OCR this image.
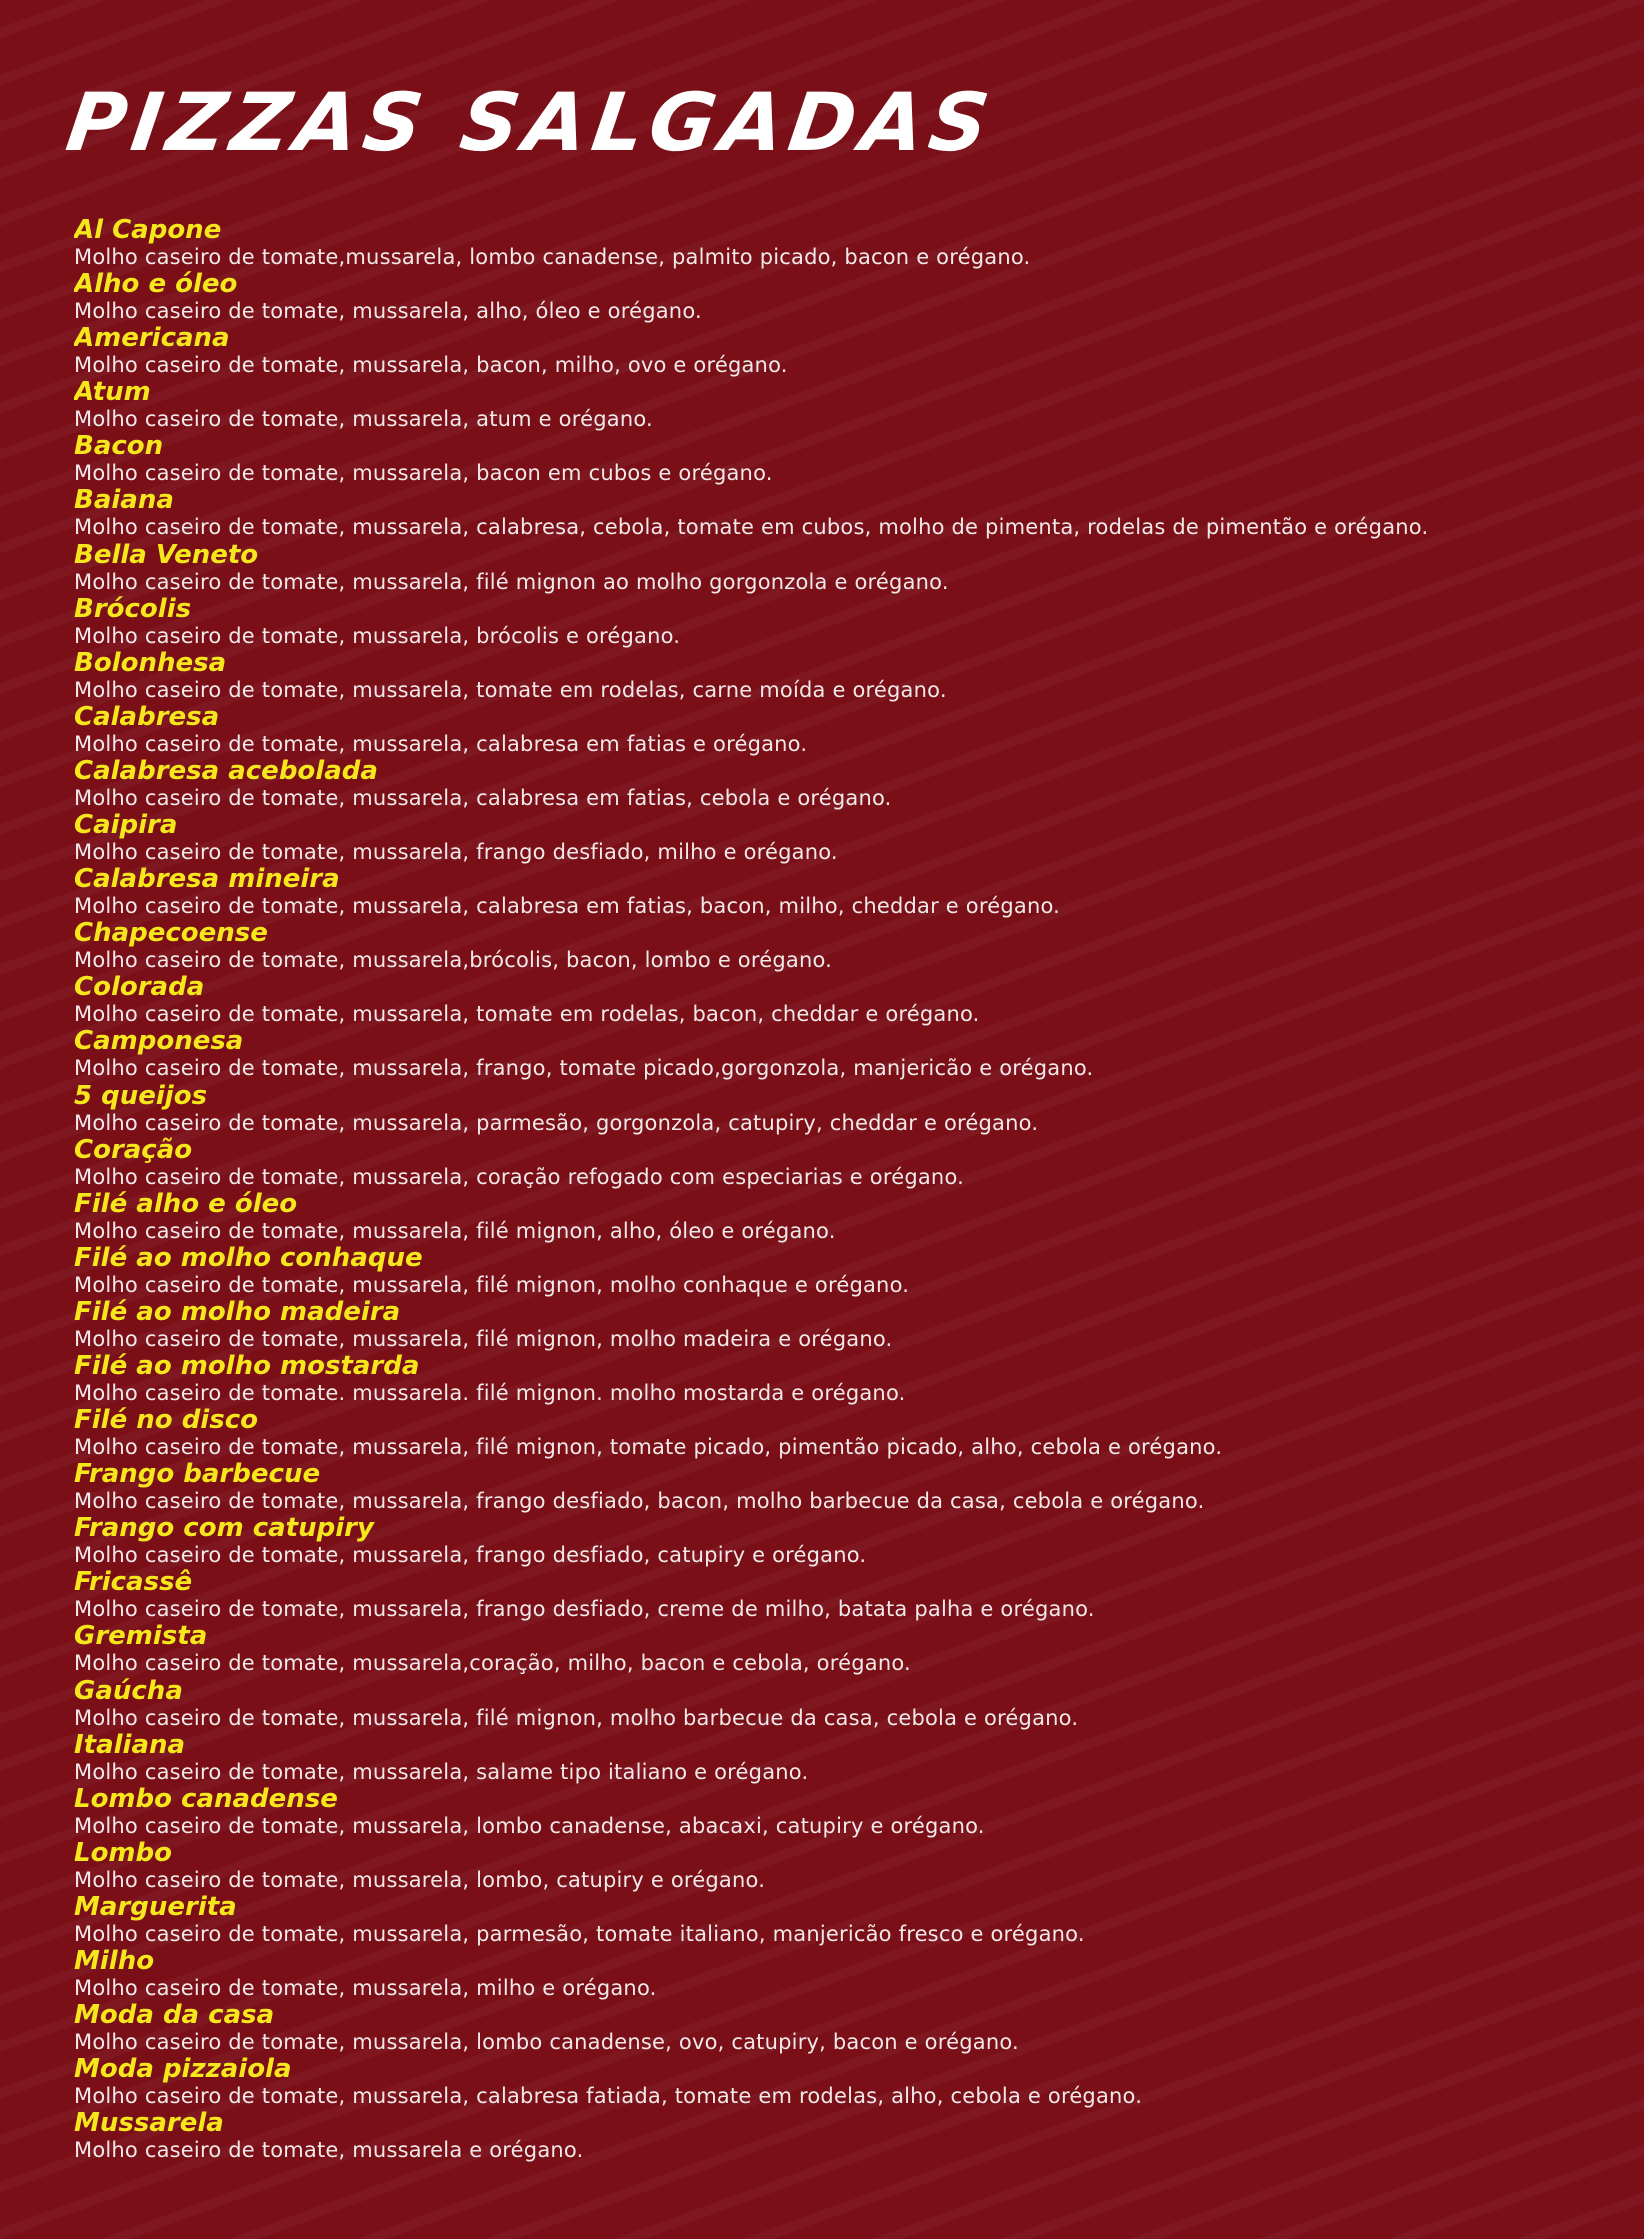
PIZZAS SALGADAS
Al Capone
Molho caseiro de tomate,mussarela, lombo canadense, palmito picado, bacon e orégano.
Alho e óleo
Molho caseiro de tomate, mussarela, alho, óleo e orégano.
Americana
Molho caseiro de tomate, mussarela, bacon, milho, ovo e orégano.
Atum
Molho caseiro de tomate, mussarela, atum e orégano.
Bacon
Molho caseiro de tomate, mussarela, bacon em cubos e orégano.
Baiana
Molho caseiro de tomate, mussarela, calabresa, cebola, tomate em cubos, molho de pimenta, rodelas de pimentão e orégano.
Bella Veneto
Molho caseiro de tomate, mussarela, filé mignon ao molho gorgonzola e orégano.
Brócolis
Molho caseiro de tomate, mussarela, brócolis e orégano.
Bolonhesa
Molho caseiro de tomate, mussarela, tomate em rodelas, carne moída e orégano.
Calabresa
Molho caseiro de tomate, mussarela, calabresa em fatias e orégano.
Calabresa acebolada
Molho caseiro de tomate, mussarela, calabresa em fatias, cebola e orégano.
Caipira
Molho caseiro de tomate, mussarela, frango desfiado, milho e orégano.
Calabresa mineira
Molho caseiro de tomate, mussarela, calabresa em fatias, bacon, milho, cheddar e orégano.
Chapecoense
Molho caseiro de tomate, mussarela,brócolis, bacon, lombo e orégano.
Colorada
Molho caseiro de tomate, mussarela, tomate em rodelas, bacon, cheddar e orégano.
Camponesa
Molho caseiro de tomate, mussarela, frango, tomate picado,gorgonzola, manjericão e orégano.
5 queijos
Molho caseiro de tomate, mussarela, parmesão, gorgonzola, catupiry, cheddar e orégano.
Coração
Molho caseiro de tomate, mussarela, coração refogado com especiarias e orégano.
Filé alho e óleo
Molho caseiro de tomate, mussarela, filé mignon, alho, óleo e orégano.
Filé ao molho conhaque
Molho caseiro de tomate, mussarela, filé mignon, molho conhaque e orégano.
Filé ao molho madeira
Molho caseiro de tomate, mussarela, filé mignon, molho madeira e orégano.
Filé ao molho mostarda
Molho caseiro de tomate. mussarela. filé mignon. molho mostarda e orégano.
Filé no disco
Molho caseiro de tomate, mussarela, filé mignon, tomate picado, pimentão picado, alho, cebola e orégano.
Frango barbecue
Molho caseiro de tomate, mussarela, frango desfiado, bacon, molho barbecue da casa, cebola e orégano.
Frango com catupiry
Molho caseiro de tomate, mussarela, frango desfiado, catupiry e orégano.
Fricassê
Molho caseiro de tomate, mussarela, frango desfiado, creme de milho, batata palha e orégano.
Gremista
Molho caseiro de tomate, mussarela,coração, milho, bacon e cebola, orégano.
Gaúcha
Molho caseiro de tomate, mussarela, filé mignon, molho barbecue da casa, cebola e orégano.
Italiana
Molho caseiro de tomate, mussarela, salame tipo italiano e orégano.
Lombo canadense
Molho caseiro de tomate, mussarela, lombo canadense, abacaxi, catupiry e orégano.
Lombo
Molho caseiro de tomate, mussarela, lombo, catupiry e orégano.
Marguerita
Molho caseiro de tomate, mussarela, parmesão, tomate italiano, manjericão fresco e orégano.
Milho
Molho caseiro de tomate, mussarela, milho e orégano.
Moda da casa
Molho caseiro de tomate, mussarela, lombo canadense, ovo, catupiry, bacon e orégano.
Moda pizzaiola
Molho caseiro de tomate, mussarela, calabresa fatiada, tomate em rodelas, alho, cebola e orégano.
Mussarela
Molho caseiro de tomate, mussarela e orégano.
